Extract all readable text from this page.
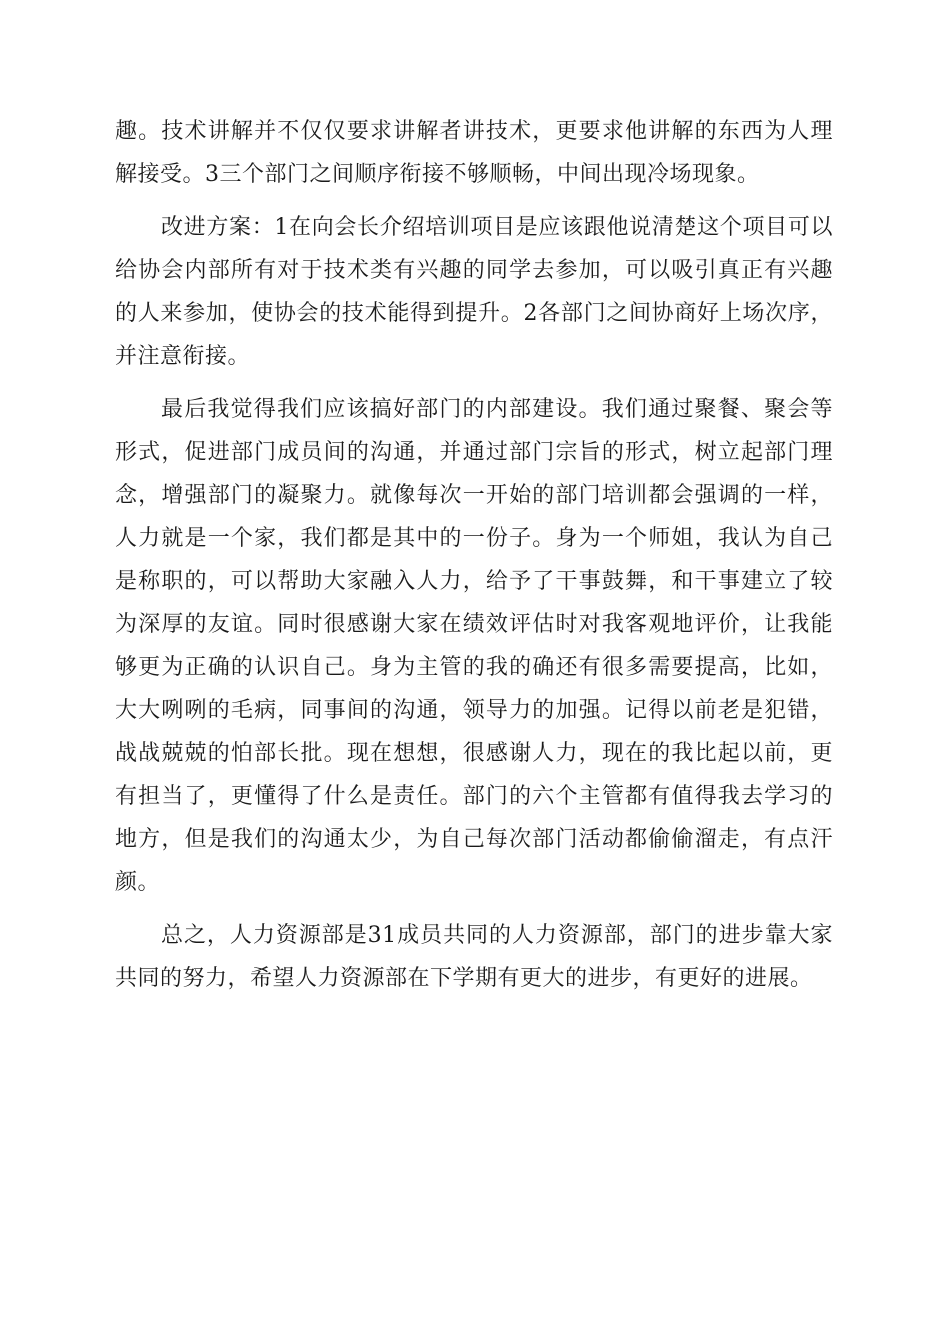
趣。技术讲解并不仅仅要求讲解者讲技术，更要求他讲解的东西为人理解接受。3三个部门之间顺序衔接不够顺畅，中间出现冷场现象。

改进方案：1在向会长介绍培训项目是应该跟他说清楚这个项目可以给协会内部所有对于技术类有兴趣的同学去参加，可以吸引真正有兴趣的人来参加，使协会的技术能得到提升。2各部门之间协商好上场次序，并注意衔接。

最后我觉得我们应该搞好部门的内部建设。我们通过聚餐、聚会等形式，促进部门成员间的沟通，并通过部门宗旨的形式，树立起部门理念，增强部门的凝聚力。就像每次一开始的部门培训都会强调的一样，人力就是一个家，我们都是其中的一份子。身为一个师姐，我认为自己是称职的，可以帮助大家融入人力，给予了干事鼓舞，和干事建立了较为深厚的友谊。同时很感谢大家在绩效评估时对我客观地评价，让我能够更为正确的认识自己。身为主管的我的确还有很多需要提高，比如，大大咧咧的毛病，同事间的沟通，领导力的加强。记得以前老是犯错，战战兢兢的怕部长批。现在想想，很感谢人力，现在的我比起以前，更有担当了，更懂得了什么是责任。部门的六个主管都有值得我去学习的地方，但是我们的沟通太少，为自己每次部门活动都偷偷溜走，有点汗颜。

总之，人力资源部是31成员共同的人力资源部，部门的进步靠大家共同的努力，希望人力资源部在下学期有更大的进步，有更好的进展。
